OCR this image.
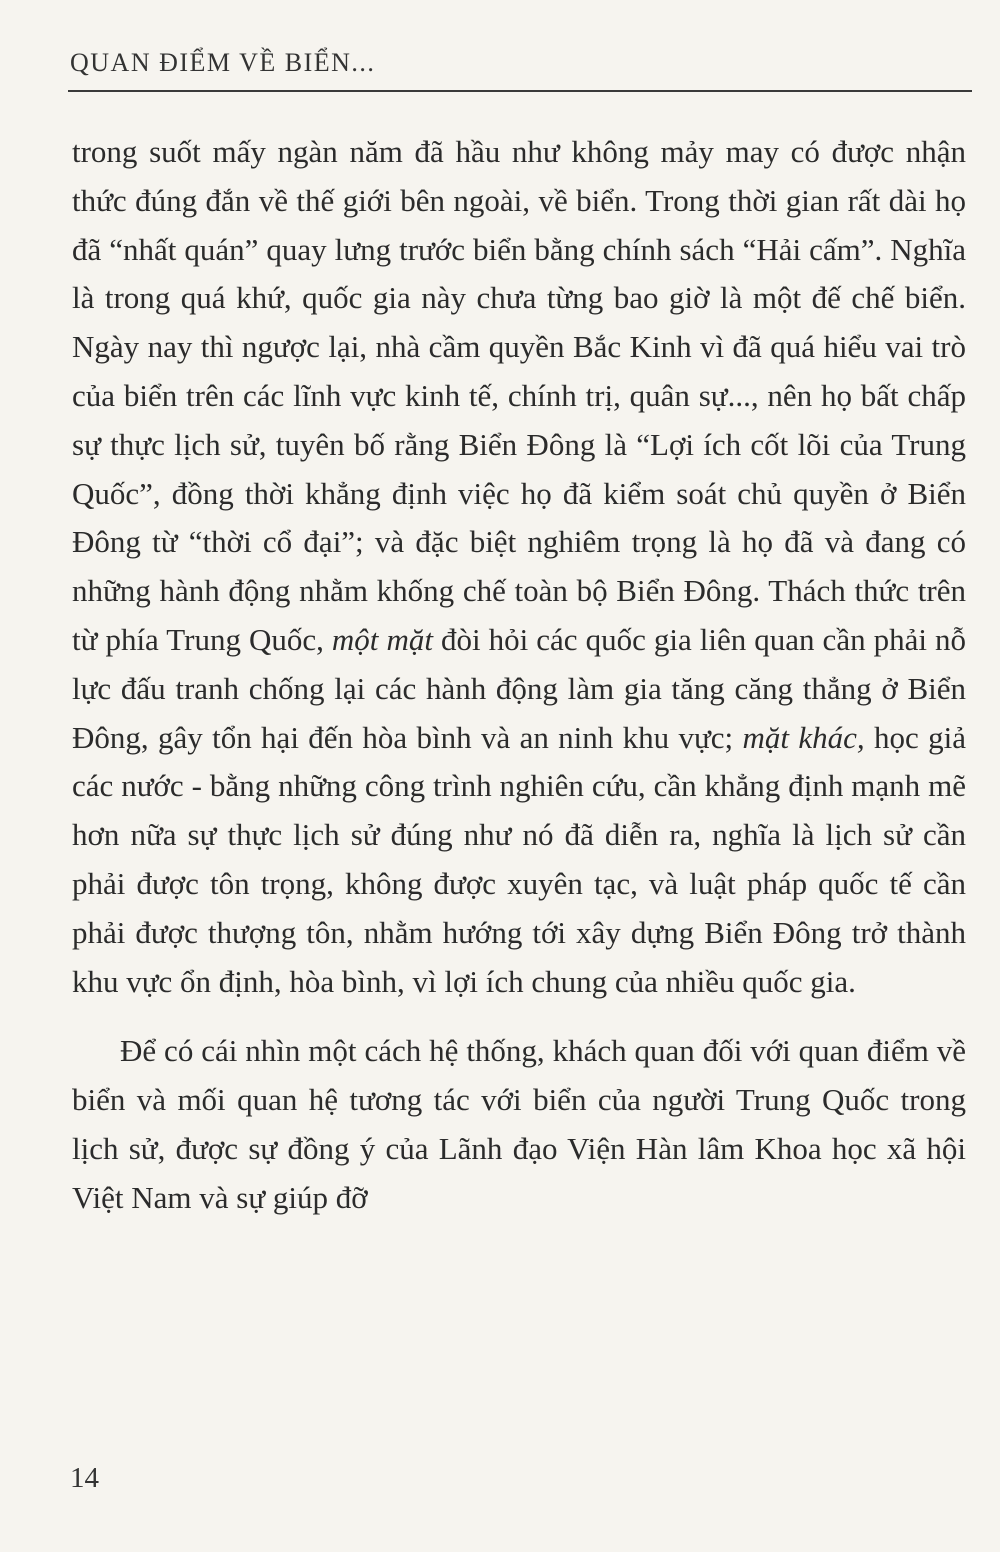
QUAN ĐIỂM VỀ BIỂN...

trong suốt mấy ngàn năm đã hầu như không mảy may có được nhận thức đúng đắn về thế giới bên ngoài, về biển. Trong thời gian rất dài họ đã “nhất quán” quay lưng trước biển bằng chính sách “Hải cấm”. Nghĩa là trong quá khứ, quốc gia này chưa từng bao giờ là một đế chế biển. Ngày nay thì ngược lại, nhà cầm quyền Bắc Kinh vì đã quá hiểu vai trò của biển trên các lĩnh vực kinh tế, chính trị, quân sự..., nên họ bất chấp sự thực lịch sử, tuyên bố rằng Biển Đông là “Lợi ích cốt lõi của Trung Quốc”, đồng thời khẳng định việc họ đã kiểm soát chủ quyền ở Biển Đông từ “thời cổ đại”; và đặc biệt nghiêm trọng là họ đã và đang có những hành động nhằm khống chế toàn bộ Biển Đông. Thách thức trên từ phía Trung Quốc, một mặt đòi hỏi các quốc gia liên quan cần phải nỗ lực đấu tranh chống lại các hành động làm gia tăng căng thẳng ở Biển Đông, gây tổn hại đến hòa bình và an ninh khu vực; mặt khác, học giả các nước - bằng những công trình nghiên cứu, cần khẳng định mạnh mẽ hơn nữa sự thực lịch sử đúng như nó đã diễn ra, nghĩa là lịch sử cần phải được tôn trọng, không được xuyên tạc, và luật pháp quốc tế cần phải được thượng tôn, nhằm hướng tới xây dựng Biển Đông trở thành khu vực ổn định, hòa bình, vì lợi ích chung của nhiều quốc gia.

Để có cái nhìn một cách hệ thống, khách quan đối với quan điểm về biển và mối quan hệ tương tác với biển của người Trung Quốc trong lịch sử, được sự đồng ý của Lãnh đạo Viện Hàn lâm Khoa học xã hội Việt Nam và sự giúp đỡ

14
